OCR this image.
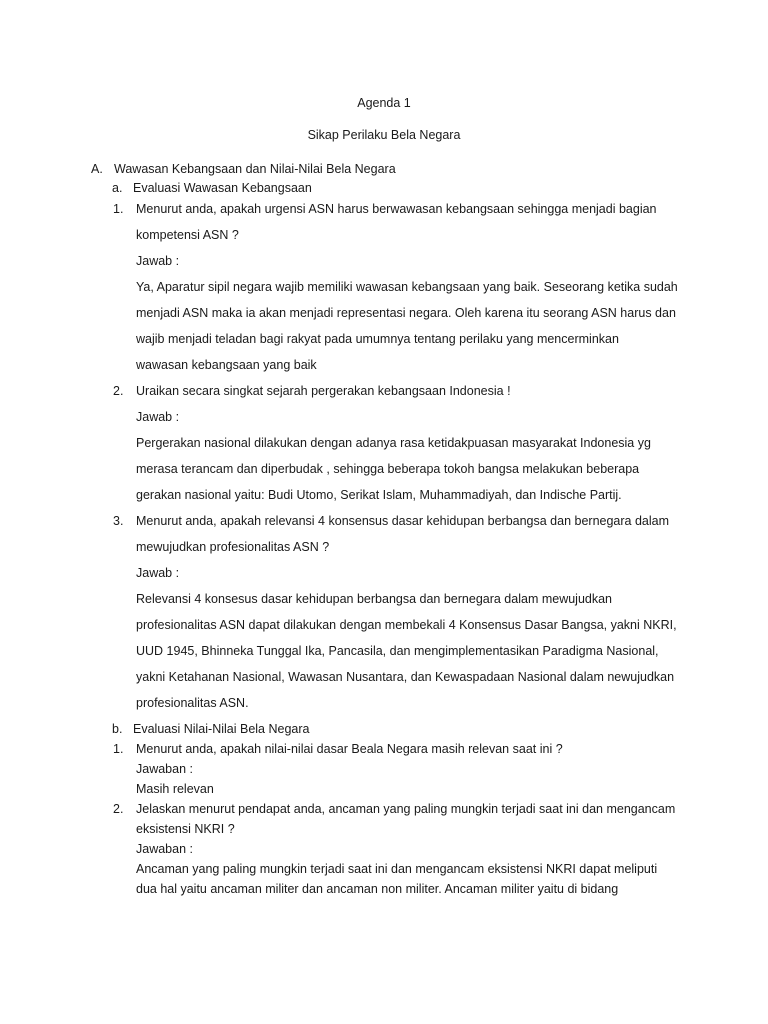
Agenda 1
Sikap Perilaku Bela Negara
A. Wawasan Kebangsaan dan Nilai-Nilai Bela Negara
a. Evaluasi Wawasan Kebangsaan
1. Menurut anda, apakah urgensi ASN harus berwawasan kebangsaan sehingga menjadi bagian
kompetensi ASN ?
Jawab :
Ya, Aparatur sipil negara wajib memiliki wawasan kebangsaan yang baik. Seseorang ketika sudah
menjadi ASN maka ia akan menjadi representasi negara. Oleh karena itu seorang ASN harus dan
wajib menjadi teladan bagi rakyat pada umumnya tentang perilaku yang mencerminkan
wawasan kebangsaan yang baik
2. Uraikan secara singkat sejarah pergerakan kebangsaan Indonesia !
Jawab :
Pergerakan nasional dilakukan dengan adanya rasa ketidakpuasan masyarakat Indonesia yg
merasa terancam dan diperbudak , sehingga beberapa tokoh bangsa melakukan beberapa
gerakan nasional yaitu: Budi Utomo, Serikat Islam, Muhammadiyah, dan Indische Partij.
3. Menurut anda, apakah relevansi 4 konsensus dasar kehidupan berbangsa dan bernegara dalam
mewujudkan profesionalitas ASN ?
Jawab :
Relevansi 4 konsesus dasar kehidupan berbangsa dan bernegara dalam mewujudkan
profesionalitas ASN dapat dilakukan dengan membekali 4 Konsensus Dasar Bangsa, yakni NKRI,
UUD 1945, Bhinneka Tunggal Ika, Pancasila, dan mengimplementasikan Paradigma Nasional,
yakni Ketahanan Nasional, Wawasan Nusantara, dan Kewaspadaan Nasional dalam newujudkan
profesionalitas ASN.
b. Evaluasi Nilai-Nilai Bela Negara
1. Menurut anda, apakah nilai-nilai dasar Beala Negara masih relevan saat ini ?
Jawaban :
Masih relevan
2. Jelaskan menurut pendapat anda, ancaman yang paling mungkin terjadi saat ini dan mengancam
eksistensi NKRI ?
Jawaban :
Ancaman yang paling mungkin terjadi saat ini dan mengancam eksistensi NKRI dapat meliputi
dua hal yaitu ancaman militer dan ancaman non militer. Ancaman militer yaitu di bidang
